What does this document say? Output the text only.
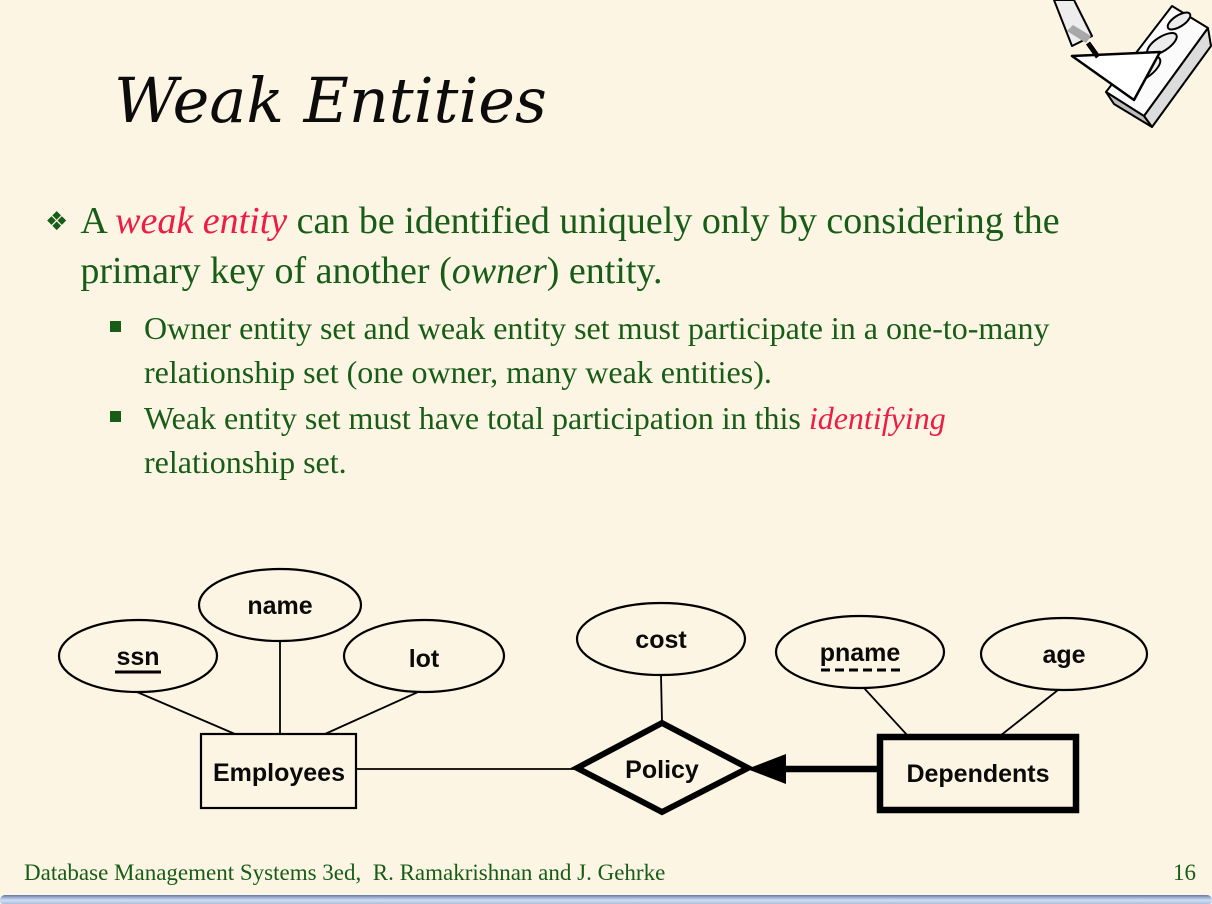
Weak Entities
❖ A weak entity can be identified uniquely only by considering the primary key of another (owner) entity.
Owner entity set and weak entity set must participate in a one-to-many relationship set (one owner, many weak entities).
Weak entity set must have total participation in this identifying relationship set.
ssn
name
lot
cost	pname	age
Employees	Policy	Dependents
Database Management Systems 3ed,  R. Ramakrishnan and J. Gehrke	16
